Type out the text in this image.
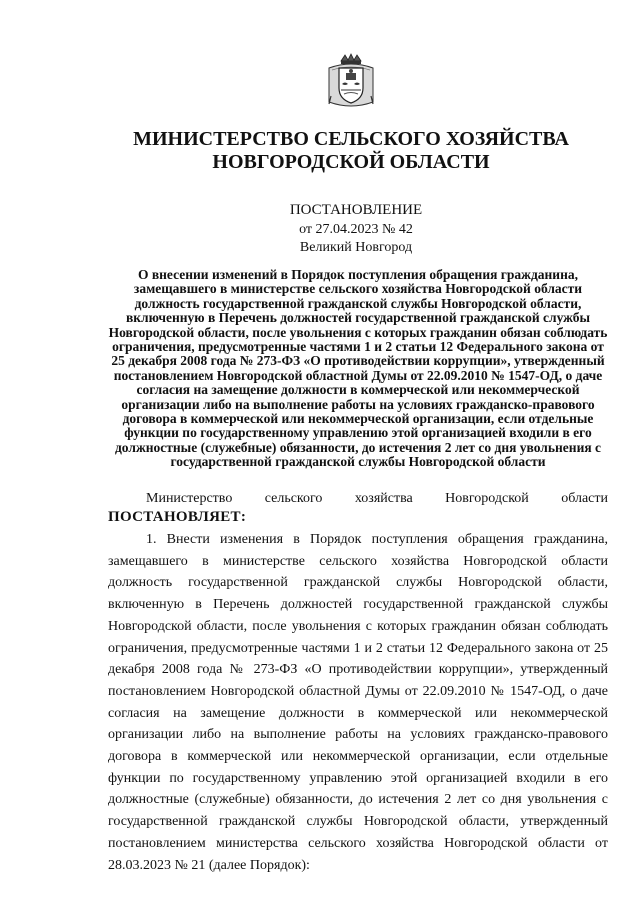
МИНИСТЕРСТВО СЕЛЬСКОГО ХОЗЯЙСТВА
НОВГОРОДСКОЙ ОБЛАСТИ
ПОСТАНОВЛЕНИЕ
от 27.04.2023 № 42
Великий Новгород
О внесении изменений в Порядок поступления обращения гражданина, замещавшего в министерстве сельского хозяйства Новгородской области должность государственной гражданской службы Новгородской области, включенную в Перечень должностей государственной гражданской службы Новгородской области, после увольнения с которых гражданин обязан соблюдать ограничения, предусмотренные частями 1 и 2 статьи 12 Федерального закона от 25 декабря 2008 года № 273-ФЗ «О противодействии коррупции», утвержденный постановлением Новгородской областной Думы от 22.09.2010 № 1547-ОД, о даче согласия на замещение должности в коммерческой или некоммерческой организации либо на выполнение работы на условиях гражданско-правового договора в коммерческой или некоммерческой организации, если отдельные функции по государственному управлению этой организацией входили в его должностные (служебные) обязанности, до истечения 2 лет со дня увольнения с государственной гражданской службы Новгородской области
Министерство сельского хозяйства Новгородской области ПОСТАНОВЛЯЕТ:
1. Внести изменения в Порядок поступления обращения гражданина, замещавшего в министерстве сельского хозяйства Новгородской области должность государственной гражданской службы Новгородской области, включенную в Перечень должностей государственной гражданской службы Новгородской области, после увольнения с которых гражданин обязан соблюдать ограничения, предусмотренные частями 1 и 2 статьи 12 Федерального закона от 25 декабря 2008 года № 273-ФЗ «О противодействии коррупции», утвержденный постановлением Новгородской областной Думы от 22.09.2010 № 1547-ОД, о даче согласия на замещение должности в коммерческой или некоммерческой организации либо на выполнение работы на условиях гражданско-правового договора в коммерческой или некоммерческой организации, если отдельные функции по государственному управлению этой организацией входили в его должностные (служебные) обязанности, до истечения 2 лет со дня увольнения с государственной гражданской службы Новгородской области, утвержденный постановлением министерства сельского хозяйства Новгородской области от 28.03.2023 № 21 (далее Порядок):
